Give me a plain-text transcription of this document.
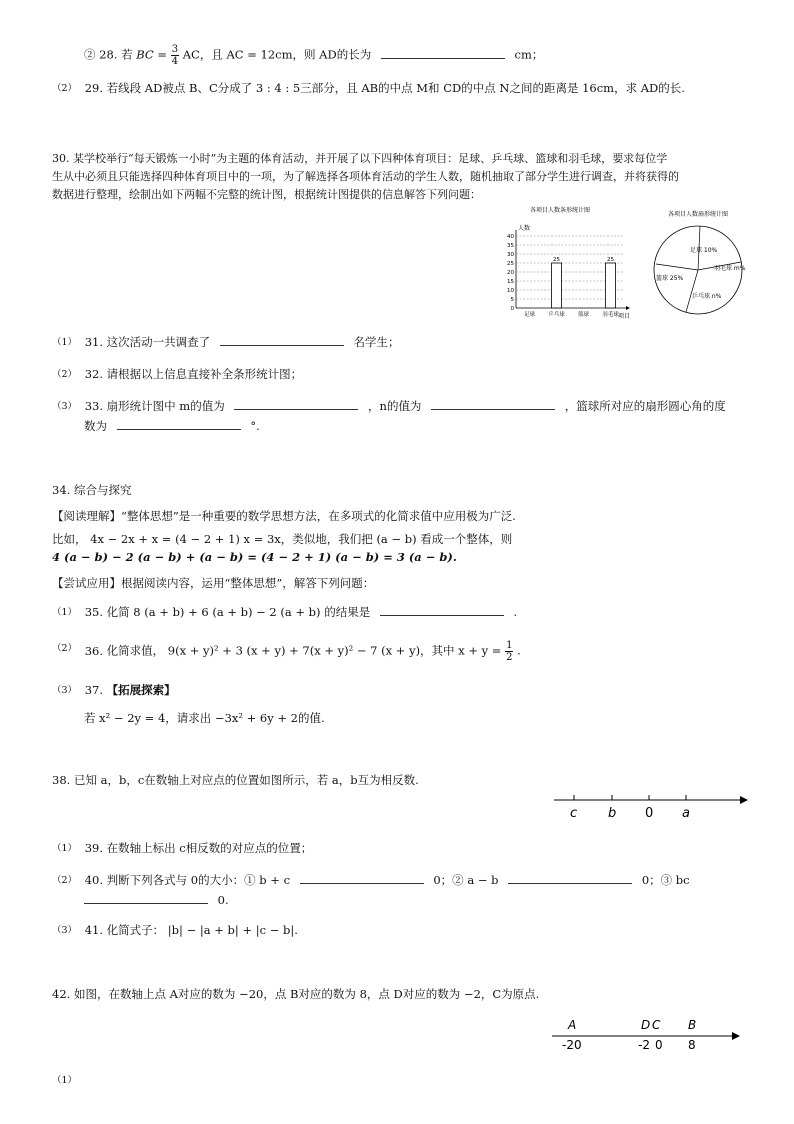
② 28. 若 BC = $\frac{3}{4}$ AC，且 AC = 12cm，则 AD的长为	cm；
$^{(2)}$ 29. 若线段 AD被点 B、C分成了 3 : 4 : 5三部分，且 AB的中点 M和 CD的中点 N之间的距离是 16cm，求 AD的长.
30. 某学校举行“每天锻炼一小时”为主题的体育活动，并开展了以下四种体育项目：足球、乒乓球、篮球和羽毛球，要求每位学
生从中必须且只能选择四种体育项目中的一项，为了解选择各项体育活动的学生人数，随机抽取了部分学生进行调查，并将获得的
数据进行整理，绘制出如下两幅不完整的统计图，根据统计图提供的信息解答下列问题：
各项目人数条形统计图
人数
40
35
30
25
20
15
10
5
0
25	25
足球 乒乓球 篮球 羽毛球 项目
各项目人数扇形统计图
足球 10%
羽毛球 m%
乒乓球 n%
篮球 25%
$^{(1)}$ 31. 这次活动一共调查了	名学生；
$^{(2)}$ 32. 请根据以上信息直接补全条形统计图；
$^{(3)}$ 33. 扇形统计图中 m的值为	，n的值为	，篮球所对应的扇形圆心角的度
数为	°.
34. 综合与探究
【阅读理解】“整体思想”是一种重要的数学思想方法，在多项式的化简求值中应用极为广泛.
比如， 4x − 2x + x = (4 − 2 + 1) x = 3x，类似地，我们把 (a − b) 看成一个整体，则
4 (a − b) − 2 (a − b) + (a − b) = (4 − 2 + 1) (a − b) = 3 (a − b).
【尝试应用】根据阅读内容，运用“整体思想”，解答下列问题：
$^{(1)}$ 35. 化简 8 (a + b) + 6 (a + b) − 2 (a + b) 的结果是	.
$^{(2)}$ 36. 化简求值， 9(x + y)² + 3 (x + y) + 7(x + y)² − 7 (x + y)，其中 $x + y = \frac{1}{2}$ .
$^{(3)}$ 37. 【拓展探索】
若 x² − 2y = 4，请求出 −3x² + 6y + 2的值.
38. 已知 a，b，c在数轴上对应点的位置如图所示，若 a，b互为相反数.
c b 0 a
$^{(1)}$ 39. 在数轴上标出 c相反数的对应点的位置；
$^{(2)}$ 40. 判断下列各式与 0的大小：① b + c	0；② a − b	0；③ bc
0.
$^{(3)}$ 41. 化简式子： |b| − |a + b| + |c − b|.
42. 如图，在数轴上点 A对应的数为 −20，点 B对应的数为 8，点 D对应的数为 −2，C为原点.
A	D C B
-20	-2 0 8
（1）
